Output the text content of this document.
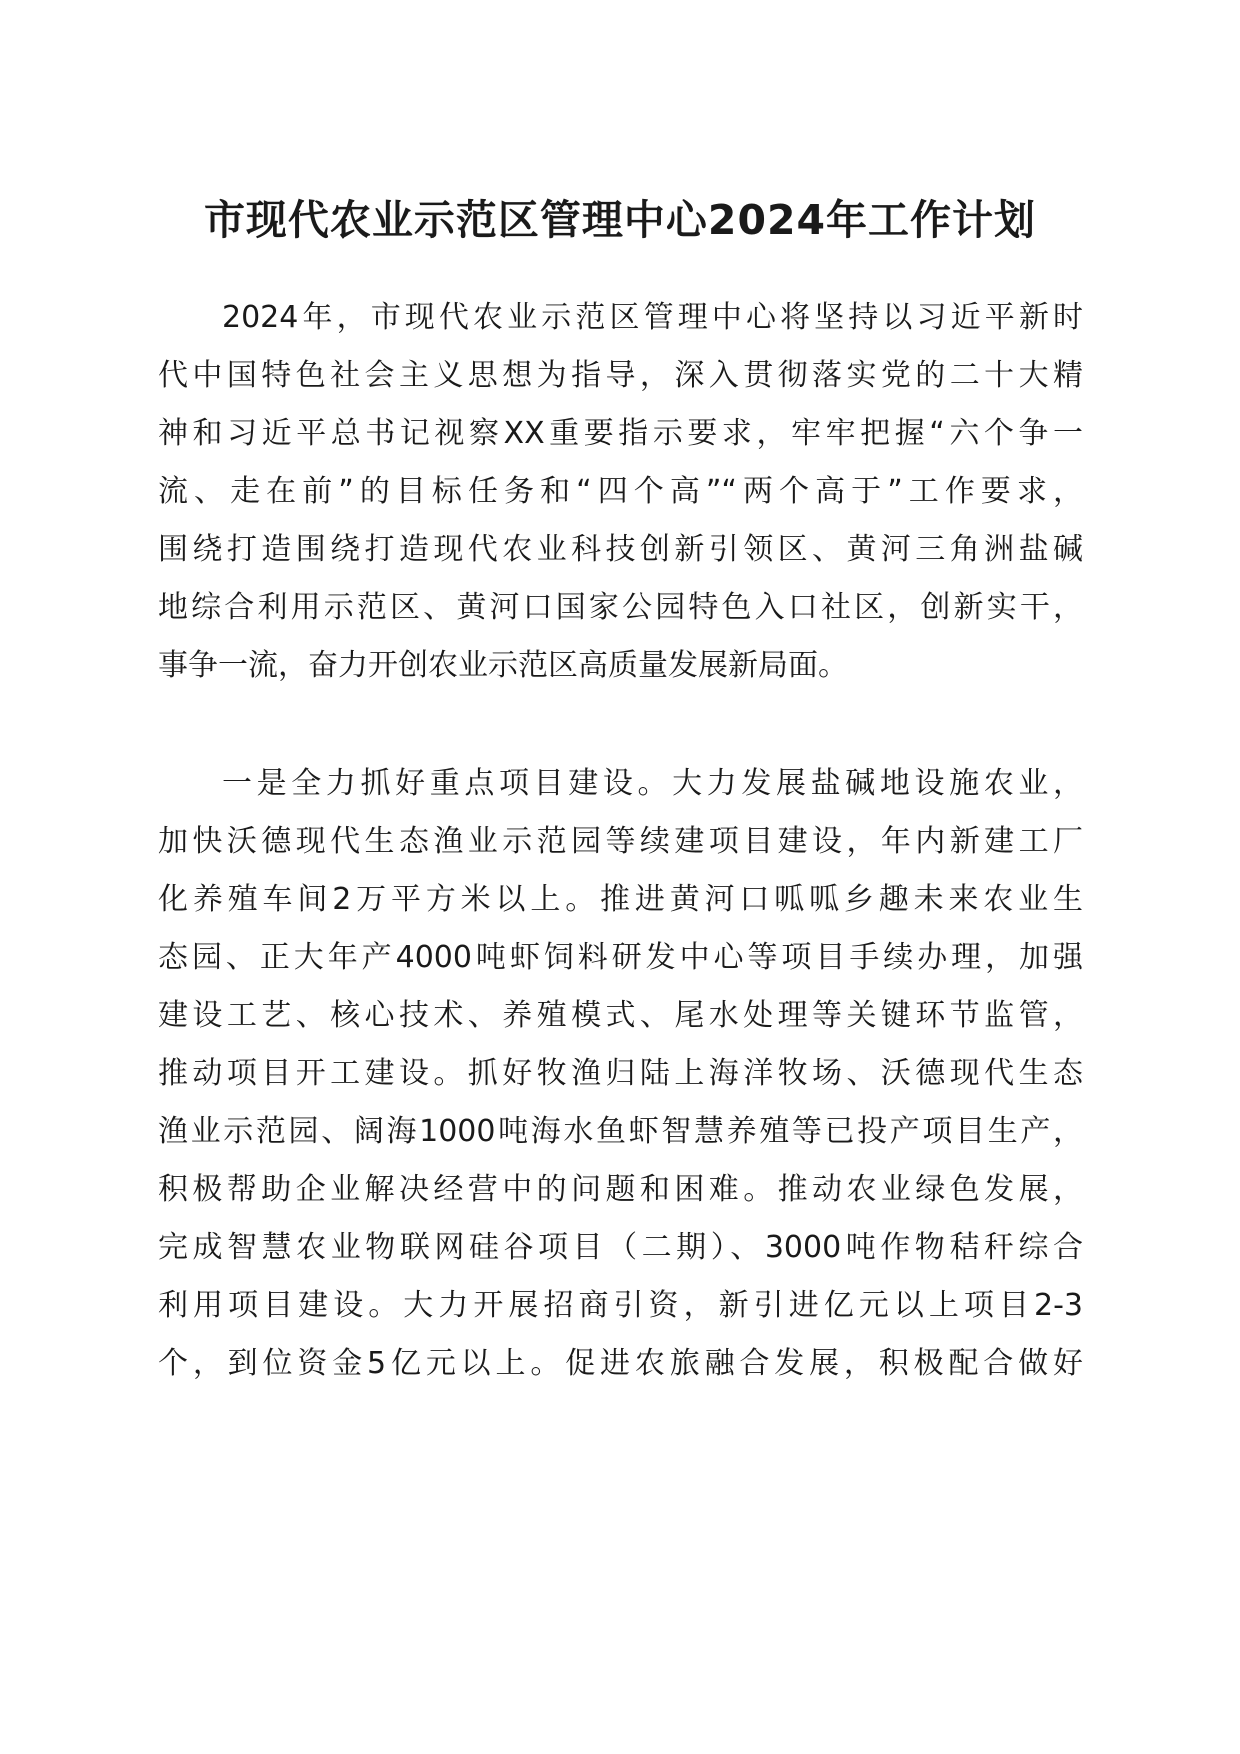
市现代农业示范区管理中心2024年工作计划
2024年，市现代农业示范区管理中心将坚持以习近平新时
代中国特色社会主义思想为指导，深入贯彻落实党的二十大精
神和习近平总书记视察XX重要指示要求，牢牢把握“六个争一
流、走在前”的目标任务和“四个高”“两个高于”工作要求，
围绕打造围绕打造现代农业科技创新引领区、黄河三角洲盐碱
地综合利用示范区、黄河口国家公园特色入口社区，创新实干，
事争一流，奋力开创农业示范区高质量发展新局面。
一是全力抓好重点项目建设。大力发展盐碱地设施农业，
加快沃德现代生态渔业示范园等续建项目建设，年内新建工厂
化养殖车间2万平方米以上。推进黄河口呱呱乡趣未来农业生
态园、正大年产4000吨虾饲料研发中心等项目手续办理，加强
建设工艺、核心技术、养殖模式、尾水处理等关键环节监管，
推动项目开工建设。抓好牧渔归陆上海洋牧场、沃德现代生态
渔业示范园、阔海1000吨海水鱼虾智慧养殖等已投产项目生产，
积极帮助企业解决经营中的问题和困难。推动农业绿色发展，
完成智慧农业物联网硅谷项目（二期）、3000吨作物秸秆综合
利用项目建设。大力开展招商引资，新引进亿元以上项目2-3
个，到位资金5亿元以上。促进农旅融合发展，积极配合做好
